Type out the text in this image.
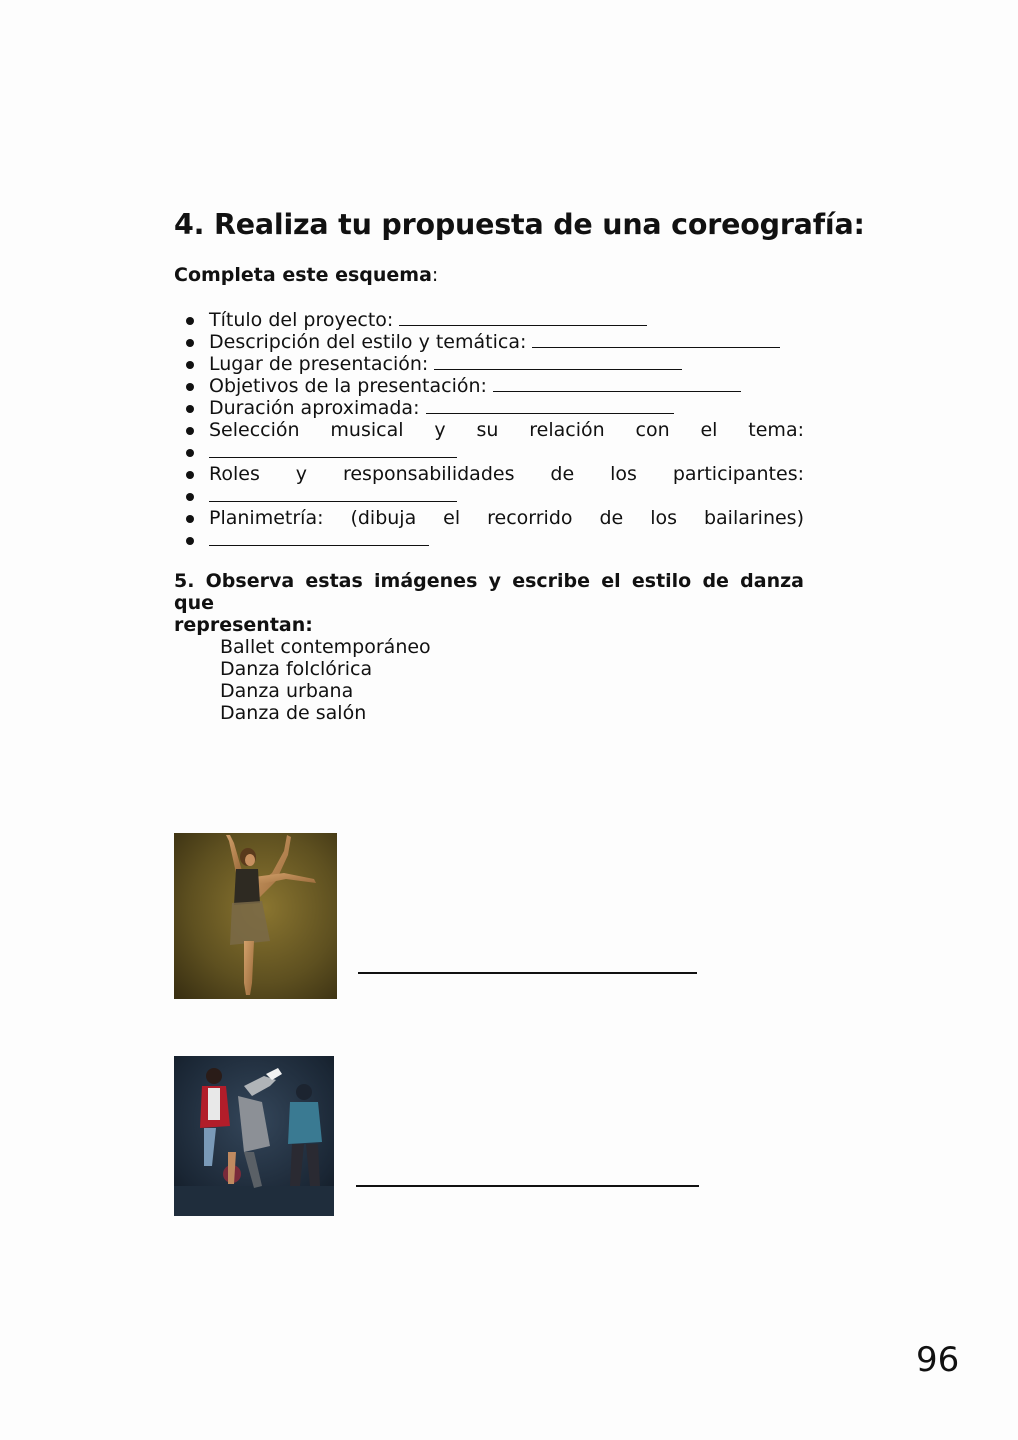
4. Realiza tu propuesta de una coreografía:

Completa este esquema:

Título del proyecto:
Descripción del estilo y temática:
Lugar de presentación:
Objetivos de la presentación:
Duración aproximada:
Selección musical y su relación con el tema:
Roles y responsabilidades de los participantes:
Planimetría: (dibuja el recorrido de los bailarines)
5. Observa estas imágenes y escribe el estilo de danza que
representan:
Ballet contemporáneo
Danza folclórica
Danza urbana
Danza de salón

96
